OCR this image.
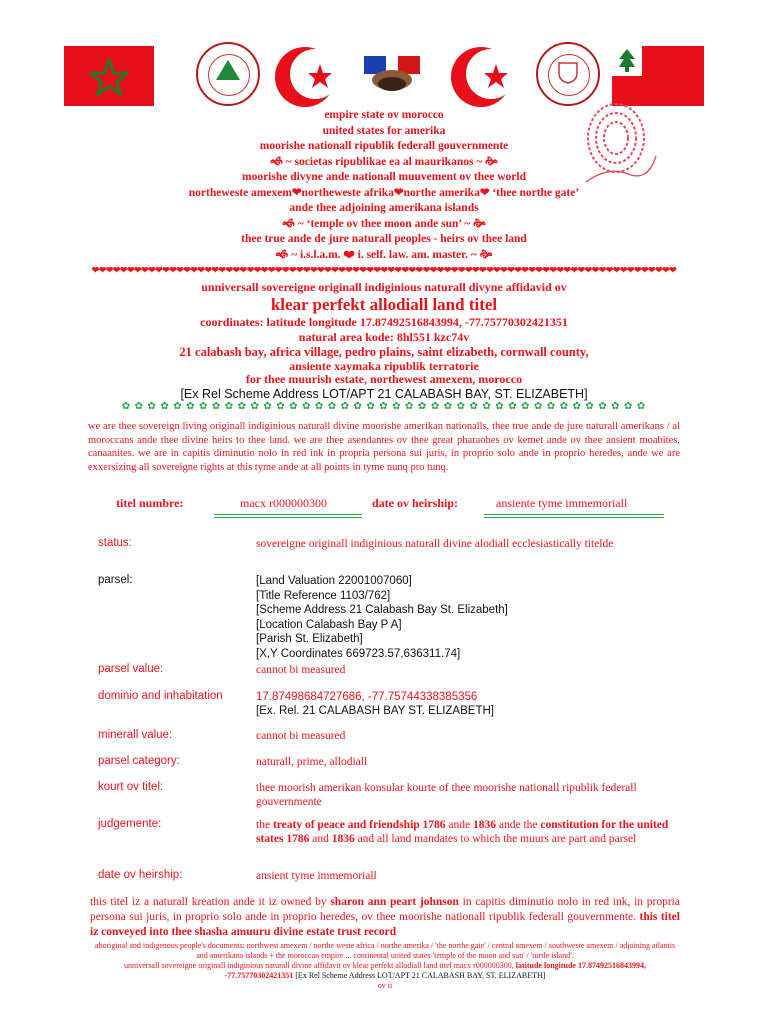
empire state ov morocco
united states for amerika
moorishe nationall ripublik federall gouvernmente
🙜 ~ societas ripublikae ea al maurikanos ~ 🙞
moorishe divyne ande nationall muuvement ov thee world
northeweste amexem❤northeweste afrika❤northe amerika❤ ‘thee northe gate’
ande thee adjoining amerikana islands
🙜 ~ ‘temple ov thee moon ande sun’ ~ 🙞
thee true ande de jure naturall peoples - heirs ov thee land
🙜 ~ i.s.l.a.m. ❤ i. self. law. am. master. ~ 🙞
❤❤❤❤❤❤❤❤❤❤❤❤❤❤❤❤❤❤❤❤❤❤❤❤❤❤❤❤❤❤❤❤❤❤❤❤❤❤❤❤❤❤❤❤❤❤❤❤❤❤❤❤❤❤❤❤❤❤❤❤❤❤❤❤❤❤❤❤❤❤❤❤❤❤❤❤❤❤❤❤❤❤❤
unniversall sovereigne originall indiginious naturall divyne affidavid ov
klear perfekt allodiall land titel
coordinates: latitude longitude 17.87492516843994, -77.75770302421351
natural area kode: 8hl551 kzc74v
21 calabash bay, africa village, pedro plains, saint elizabeth, cornwall county,
ansiente xaymaka ripublik terratorie
for thee muurish estate, northewest amexem, morocco
[Ex Rel Scheme Address LOT/APT 21 CALABASH BAY, ST. ELIZABETH]
✿ ✿ ✿ ✿ ✿ ✿ ✿ ✿ ✿ ✿ ✿ ✿ ✿ ✿ ✿ ✿ ✿ ✿ ✿ ✿ ✿ ✿ ✿ ✿ ✿ ✿ ✿ ✿ ✿ ✿ ✿ ✿ ✿ ✿ ✿ ✿ ✿ ✿ ✿ ✿ ✿
we are thee sovereign living originall indiginious naturall divine moorishe amerikan nationalls, thee true ande de jure naturall amerikans / al moroccans ande thee divine heirs to thee land. we are thee asendantes ov thee great pharaohes ov kemet ande ov thee ansient moabites, canaanites. we are in capitis diminutio nolo in red ink in propria persona sui juris, in proprio solo ande in proprio heredes, ande we are exxersizing all sovereigne rights at this tyme ande at all points in tyme nunq pro tunq.
titel numbre:	macx r000000300	date ov heirship:	ansiente tyme immemoriall
status:	sovereigne originall indiginious naturall divine alodiall ecclesiastically titelde
parsel:	[Land Valuation 22001007060]
[Title Reference 1103/762]
[Scheme Address 21 Calabash Bay St. Elizabeth]
[Location Calabash Bay P A]
[Parish St. Elizabeth]
[X,Y Coordinates 669723.57,636311.74]
parsel value:	cannot bi measured
dominio and inhabitation	17.87498684727686, -77.75744338385356
[Ex. Rel. 21 CALABASH BAY ST. ELIZABETH]
minerall value:	cannot bi measured
parsel category:	naturall, prime, allodiall
kourt ov titel:	thee moorish amerikan konsular kourte of thee moorishe nationall ripublik federall gouvernmente
judgemente:	the treaty of peace and friendship 1786 ande 1836 ande the constitution for the united states 1786 and 1836 and all land mandates to which the muurs are part and parsel
date ov heirship:	ansient tyme immemoriall
this titel iz a naturall kreation ande it iz owned by sharon ann peart johnson in capitis diminutio nolo in red ink, in propria persona sui juris, in proprio solo ande in proprio heredes, ov thee moorishe nationall ripublik federall gouvernmente. this titel iz conveyed into thee shasha amuuru divine estate trust record
aboriginal and indigenous people's documents: northwest amexem / northe weste africa / northe amerika / 'the northe gate' / central amexem / southweste amexem / adjoining atlantis and amerikana islands + the moroccan empire ... continental united states 'temple of the moon and sun' / 'turtle island'.
unniversall sovereigne originall indiginious naturall divine affidavit ov klear perfekt allodiall land titel macx r000000300, latitude longitude 17.87492516843994, -77.75770302421351 [Ex Rel Scheme Address LOT/APT 21 CALABASH BAY, ST. ELIZABETH]
ov ii
